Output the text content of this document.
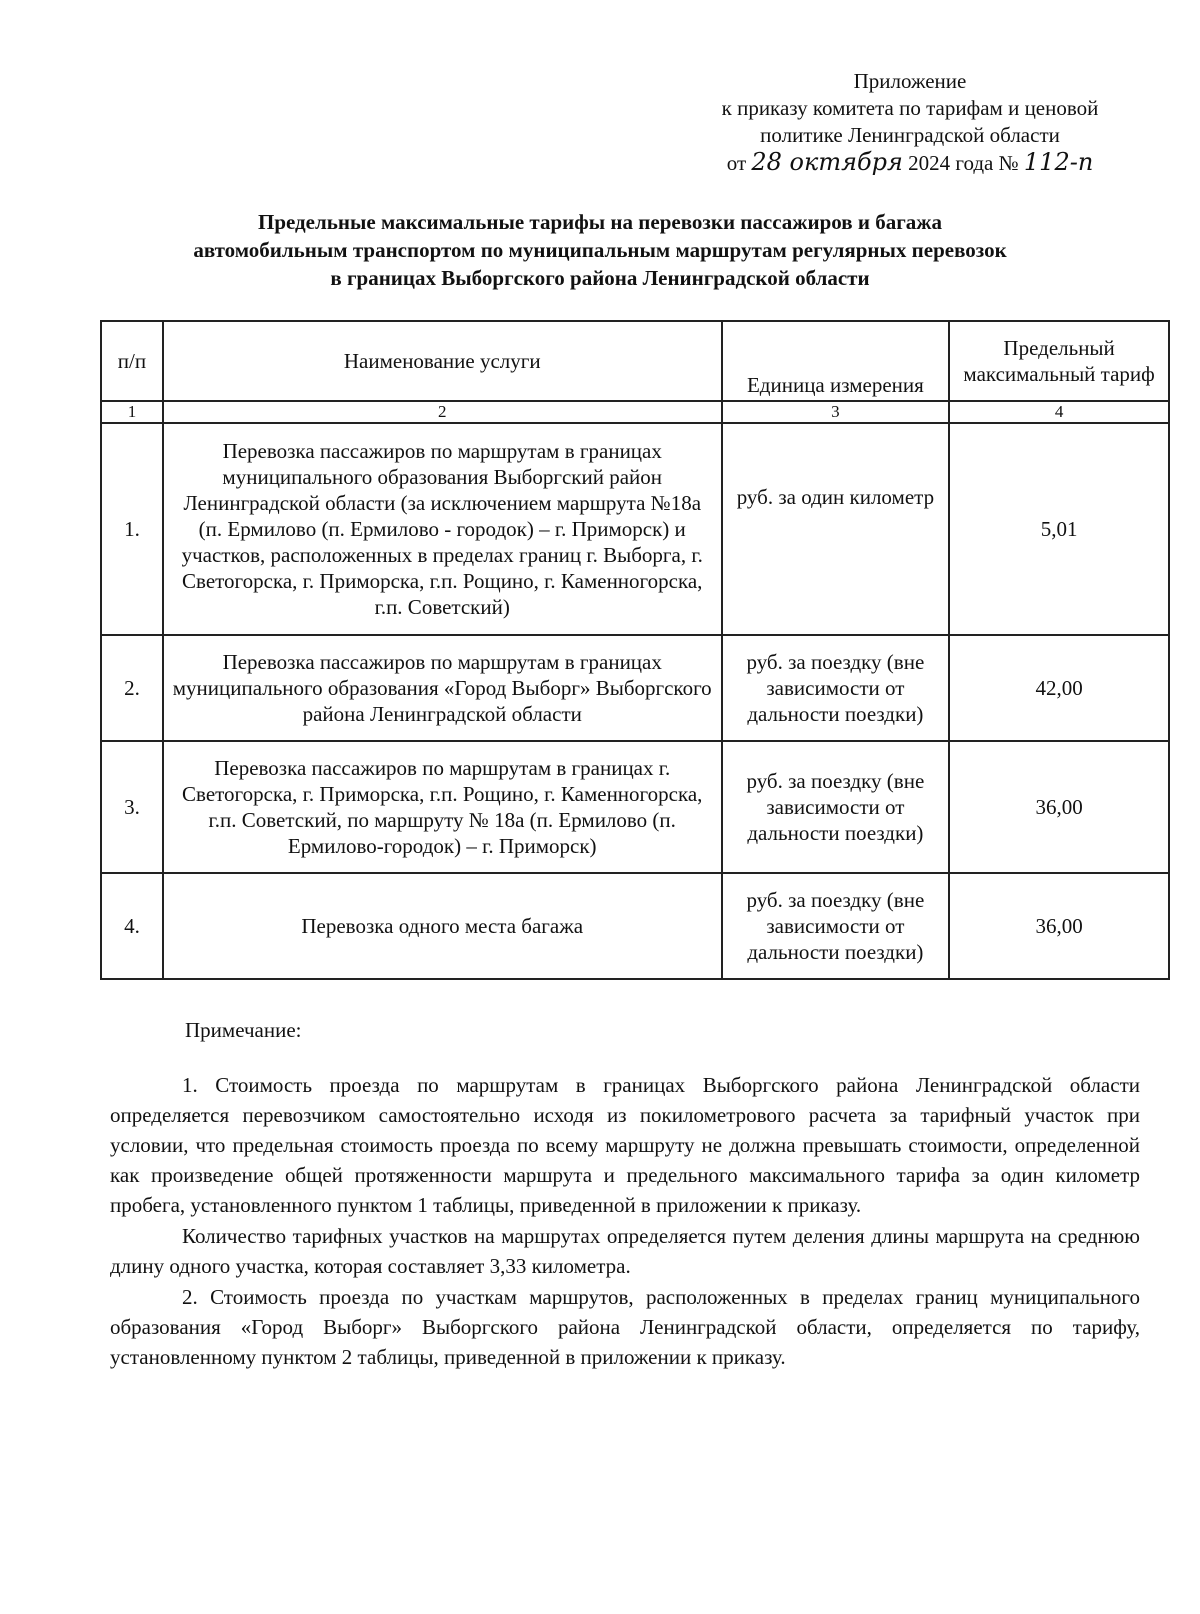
Приложение
к приказу комитета по тарифам и ценовой
политике Ленинградской области
от 28 октября 2024 года № 112-п
Предельные максимальные тарифы на перевозки пассажиров и багажа
автомобильным транспортом по муниципальным маршрутам регулярных перевозок
в границах Выборгского района Ленинградской области
п/п	Наименование услуги	Единица измерения	Предельный максимальный тариф
1	2	3	4
1.	Перевозка пассажиров по маршрутам в границах муниципального образования Выборгский район Ленинградской области (за исключением маршрута №18а (п. Ермилово (п. Ермилово - городок) – г. Приморск) и участков, расположенных в пределах границ г. Выборга, г. Светогорска, г. Приморска, г.п. Рощино, г. Каменногорска, г.п. Советский)	руб. за один километр	5,01
2.	Перевозка пассажиров по маршрутам в границах муниципального образования «Город Выборг» Выборгского района Ленинградской области	руб. за поездку (вне зависимости от дальности поездки)	42,00
3.	Перевозка пассажиров по маршрутам в границах г. Светогорска, г. Приморска, г.п. Рощино, г. Каменногорска, г.п. Советский, по маршруту № 18а (п. Ермилово (п. Ермилово-городок) – г. Приморск)	руб. за поездку (вне зависимости от дальности поездки)	36,00
4.	Перевозка одного места багажа	руб. за поездку (вне зависимости от дальности поездки)	36,00
Примечание:

1. Стоимость проезда по маршрутам в границах Выборгского района Ленинградской области определяется перевозчиком самостоятельно исходя из покилометрового расчета за тарифный участок при условии, что предельная стоимость проезда по всему маршруту не должна превышать стоимости, определенной как произведение общей протяженности маршрута и предельного максимального тарифа за один километр пробега, установленного пунктом 1 таблицы, приведенной в приложении к приказу.

Количество тарифных участков на маршрутах определяется путем деления длины маршрута на среднюю длину одного участка, которая составляет 3,33 километра.

2. Стоимость проезда по участкам маршрутов, расположенных в пределах границ муниципального образования «Город Выборг» Выборгского района Ленинградской области, определяется по тарифу, установленному пунктом 2 таблицы, приведенной в приложении к приказу.
